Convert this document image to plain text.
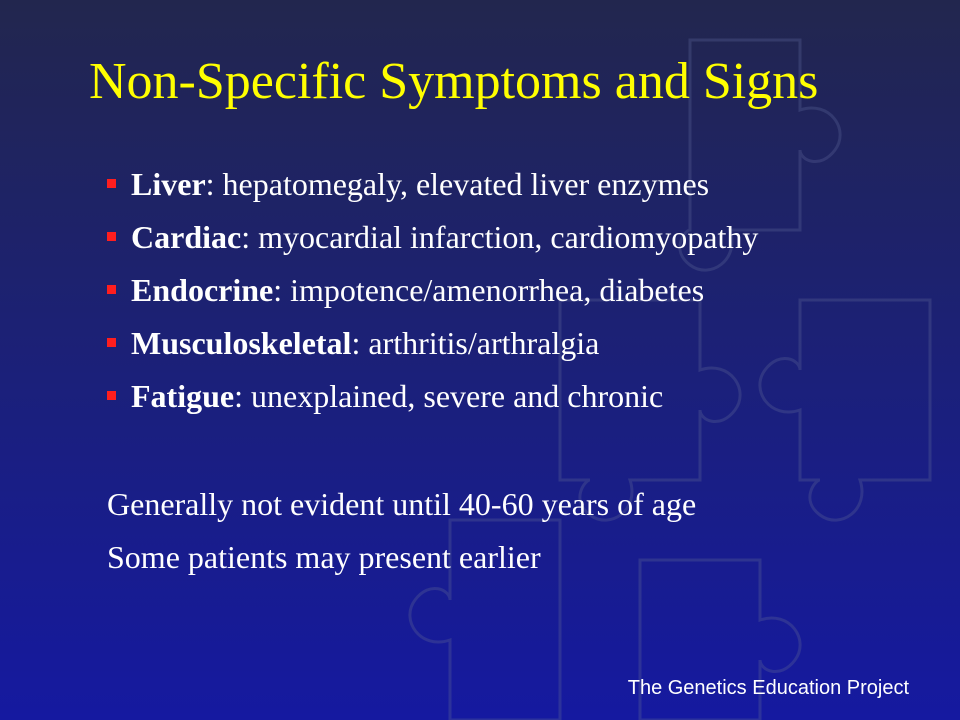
Non-Specific Symptoms and Signs
Liver: hepatomegaly, elevated liver enzymes
Cardiac: myocardial infarction, cardiomyopathy
Endocrine: impotence/amenorrhea, diabetes
Musculoskeletal: arthritis/arthralgia
Fatigue: unexplained, severe and chronic
Generally not evident until 40-60 years of age
Some patients may present earlier
The Genetics Education Project
